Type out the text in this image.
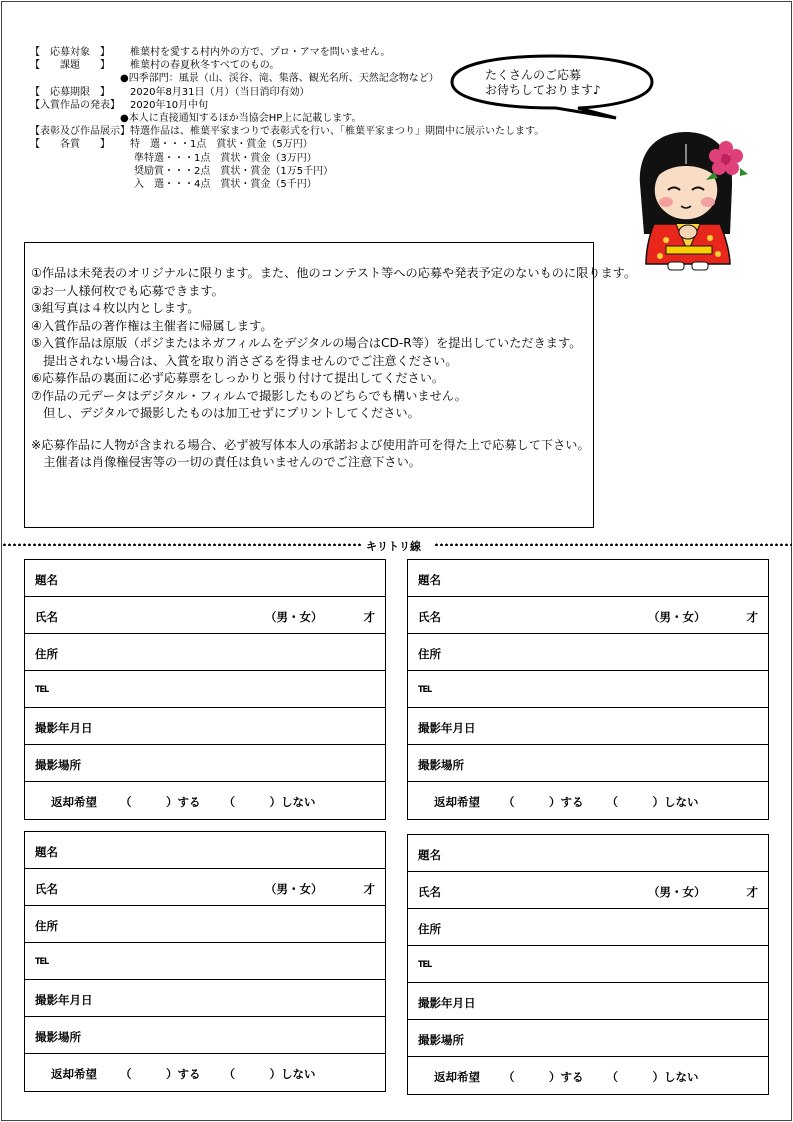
【　応募対象　】	椎葉村を愛する村内外の方で、プロ・アマを問いません。
【　　課題　　】	椎葉村の春夏秋冬すべてのもの。
●四季部門：風景（山、渓谷、滝、集落、観光名所、天然記念物など）
【　応募期限　】	2020年8月31日（月）（当日消印有効）
【入賞作品の発表】	2020年10月中旬
●本人に直接通知するほか当協会HP上に記載します。
【表彰及び作品展示】 特選作品は、椎葉平家まつりで表彰式を行い、「椎葉平家まつり」期間中に展示いたします。
【　　各賞　　】	特　選・・・1点　賞状・賞金（5万円）
準特選・・・1点　賞状・賞金（3万円）
奨励賞・・・2点　賞状・賞金（1万5千円）
入　選・・・4点　賞状・賞金（5千円）
たくさんのご応募
お待ちしております♪
①作品は未発表のオリジナルに限ります。また、他のコンテスト等への応募や発表予定のないものに限ります。
②お一人様何枚でも応募できます。
③組写真は４枚以内とします。
④入賞作品の著作権は主催者に帰属します。
⑤入賞作品は原版（ポジまたはネガフィルムをデジタルの場合はCD-R等）を提出していただきます。
　提出されない場合は、入賞を取り消さざるを得ませんのでご注意ください。
⑥応募作品の裏面に必ず応募票をしっかりと張り付けて提出してください。
⑦作品の元データはデジタル・フィルムで撮影したものどちらでも構いません。
　但し、デジタルで撮影したものは加工せずにプリントしてください。
※応募作品に人物が含まれる場合、必ず被写体本人の承諾および使用許可を得た上で応募して下さい。
　主催者は肖像権侵害等の一切の責任は負いませんのでご注意下さい。
キリトリ線
題名
氏名	（男・女）	才
住所
TEL
撮影年月日
撮影場所
返却希望
　　 （　　　）する
　　 （　　　）しない
題名
氏名	（男・女）	才
住所
TEL
撮影年月日
撮影場所
返却希望
　　 （　　　）する
　　 （　　　）しない
題名
氏名	（男・女）	才
住所
TEL
撮影年月日
撮影場所
返却希望
　　 （　　　）する
　　 （　　　）しない
題名
氏名	（男・女）	才
住所
TEL
撮影年月日
撮影場所
返却希望
　　 （　　　）する
　　 （　　　）しない
